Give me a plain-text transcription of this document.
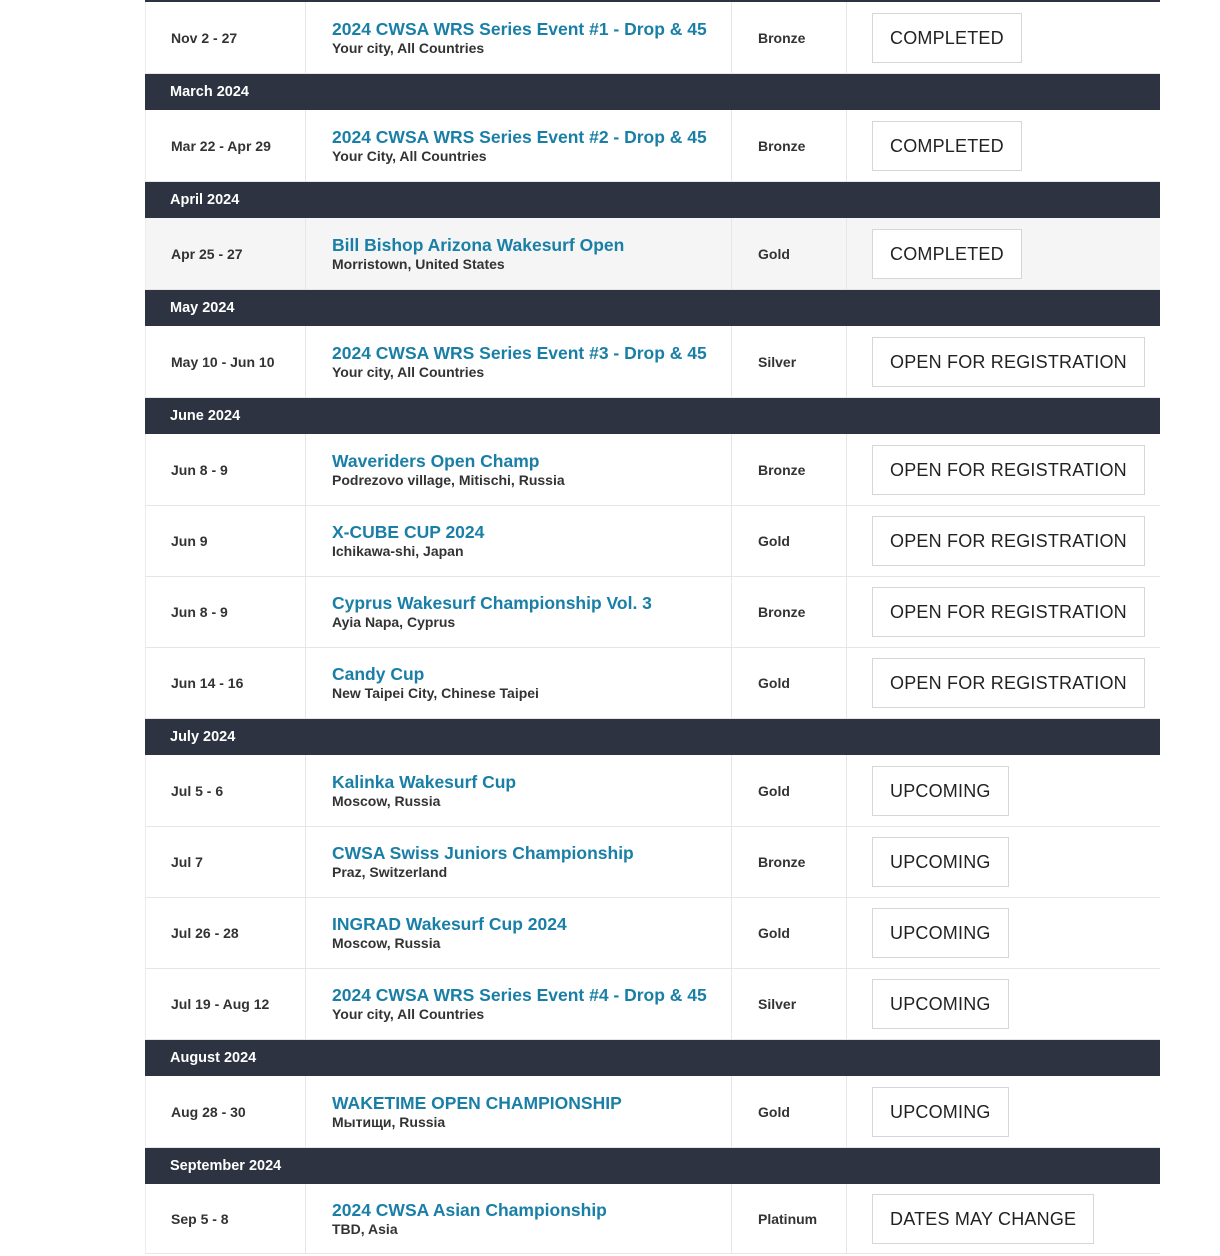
Nov 2 - 27	2024 CWSA WRS Series Event #1 - Drop & 45
Your city, All Countries
Bronze	COMPLETED
March 2024
Mar 22 - Apr 29	2024 CWSA WRS Series Event #2 - Drop & 45
Your City, All Countries
Bronze	COMPLETED
April 2024
Apr 25 - 27	Bill Bishop Arizona Wakesurf Open
Morristown, United States
Gold	COMPLETED
May 2024
May 10 - Jun 10	2024 CWSA WRS Series Event #3 - Drop & 45
Your city, All Countries
Silver	OPEN FOR REGISTRATION
June 2024
Jun 8 - 9	Waveriders Open Champ
Podrezovo village, Mitischi, Russia
Bronze	OPEN FOR REGISTRATION
Jun 9	X-CUBE CUP 2024
Ichikawa-shi, Japan
Gold	OPEN FOR REGISTRATION
Jun 8 - 9	Cyprus Wakesurf Championship Vol. 3
Ayia Napa, Cyprus
Bronze	OPEN FOR REGISTRATION
Jun 14 - 16	Candy Cup
New Taipei City, Chinese Taipei
Gold	OPEN FOR REGISTRATION
July 2024
Jul 5 - 6	Kalinka Wakesurf Cup
Moscow, Russia
Gold	UPCOMING
Jul 7	CWSA Swiss Juniors Championship
Praz, Switzerland
Bronze	UPCOMING
Jul 26 - 28	INGRAD Wakesurf Cup 2024
Moscow, Russia
Gold	UPCOMING
Jul 19 - Aug 12	2024 CWSA WRS Series Event #4 - Drop & 45
Your city, All Countries
Silver	UPCOMING
August 2024
Aug 28 - 30	WAKETIME OPEN CHAMPIONSHIP
Мытищи, Russia
Gold	UPCOMING
September 2024
Sep 5 - 8	2024 CWSA Asian Championship
TBD, Asia
Platinum	DATES MAY CHANGE
